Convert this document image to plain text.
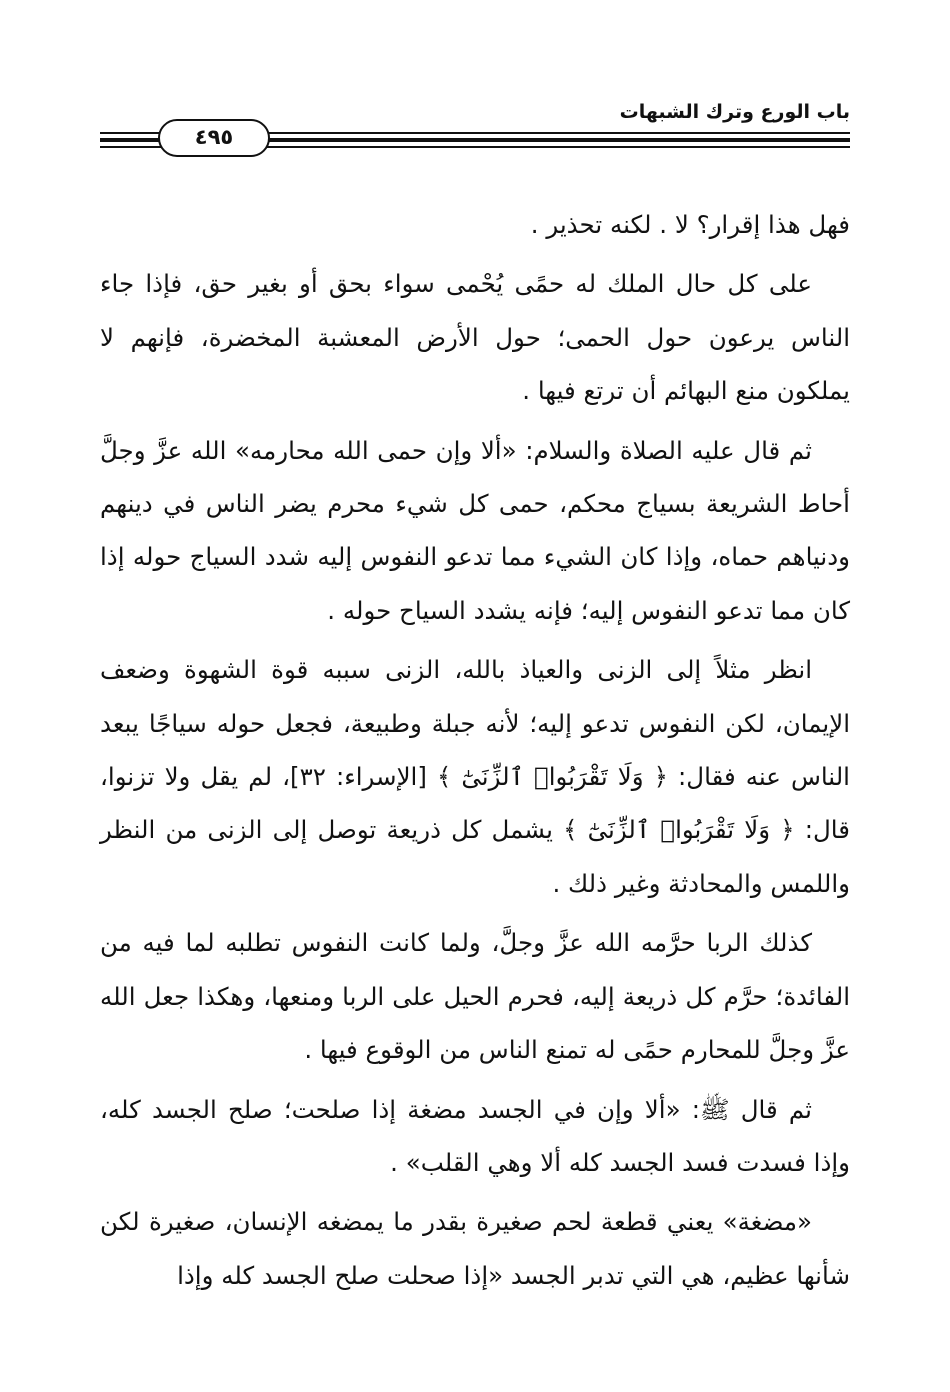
باب الورع وترك الشبهات
٤٩٥

فهل هذا إقرار؟ لا . لكنه تحذير .

على كل حال الملك له حمًى يُحْمى سواء بحق أو بغير حق، فإذا جاء الناس يرعون حول الحمى؛ حول الأرض المعشبة المخضرة، فإنهم لا يملكون منع البهائم أن ترتع فيها .

ثم قال عليه الصلاة والسلام: «ألا وإن حمى الله محارمه» الله عزَّ وجلَّ أحاط الشريعة بسياج محكم، حمى كل شيء محرم يضر الناس في دينهم ودنياهم حماه، وإذا كان الشيء مما تدعو النفوس إليه شدد السياج حوله إذا كان مما تدعو النفوس إليه؛ فإنه يشدد السياح حوله .

انظر مثلاً إلى الزنى والعياذ بالله، الزنى سببه قوة الشهوة وضعف الإيمان، لكن النفوس تدعو إليه؛ لأنه جبلة وطبيعة، فجعل حوله سياجًا يبعد الناس عنه فقال: ﴿ وَلَا تَقْرَبُوا۟ ٱلزِّنَىٰٓ ﴾ [الإسراء: ٣٢]، لم يقل ولا تزنوا، قال: ﴿ وَلَا تَقْرَبُوا۟ ٱلزِّنَىٰٓ ﴾ يشمل كل ذريعة توصل إلى الزنى من النظر واللمس والمحادثة وغير ذلك .

كذلك الربا حرَّمه الله عزَّ وجلَّ، ولما كانت النفوس تطلبه لما فيه من الفائدة؛ حرَّم كل ذريعة إليه، فحرم الحيل على الربا ومنعها، وهكذا جعل الله عزَّ وجلَّ للمحارم حمًى له تمنع الناس من الوقوع فيها .

ثم قال ﷺ: «ألا وإن في الجسد مضغة إذا صلحت؛ صلح الجسد كله، وإذا فسدت فسد الجسد كله ألا وهي القلب» .

«مضغة» يعني قطعة لحم صغيرة بقدر ما يمضغه الإنسان، صغيرة لكن شأنها عظيم، هي التي تدبر الجسد «إذا صحلت صلح الجسد كله وإذا
